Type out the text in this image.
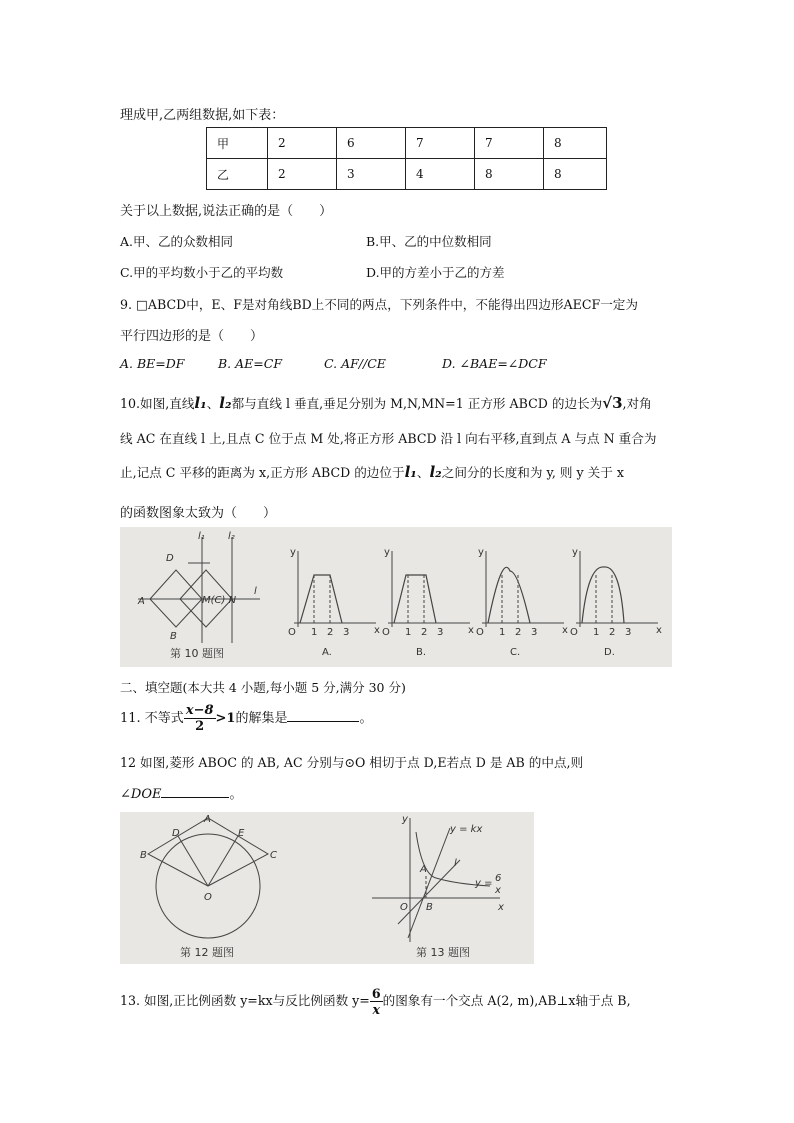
理成甲,乙两组数据,如下表：
甲	2	6	7	7	8
乙	2	3	4	8	8
关于以上数据,说法正确的是（　　）
A.甲、乙的众数相同	B.甲、乙的中位数相同
C.甲的平均数小于乙的平均数	D.甲的方差小于乙的方差
9. □ABCD中，E、F是对角线BD上不同的两点，下列条件中，不能得出四边形AECF一定为
平行四边形的是（　　）
A. BE=DF	B. AE=CF	C. AF//CE	D. ∠BAE=∠DCF
10.如图,直线l₁、l₂都与直线 l 垂直,垂足分别为 M,N,MN=1 正方形 ABCD 的边长为√3,对角
线 AC 在直线 l 上,且点 C 位于点 M 处,将正方形 ABCD 沿 l 向右平移,直到点 A 与点 N 重合为
止,记点 C 平移的距离为 x,正方形 ABCD 的边位于l₁、l₂之间分的长度和为 y, 则 y 关于 x
的函数图象太致为（　　）
D
A
B
M(C) N
l
l₁ l₂
第 10 题图
y
x
O 1 2 3
A.
y
x
O 1 2 3
B.
y
x
O 1 2 3
C.
y
x
O 1 2 3
D.
二、填空题(本大共 4 小题,每小题 5 分,满分 30 分)
11. 不等式 $\frac{x-8}{2} >1$的解集是	。
12 如图,菱形 ABOC 的 AB, AC 分别与⊙O 相切于点 D,E若点 D 是 AB 的中点,则
∠DOE	。
A
B	C
D	E
O
第 12 题图
y
x
O
y = kx
A
B
l
y = 6
x
第 13 题图
13. 如图,正比例函数 y=kx与反比例函数 $y= \frac{6}{x}$ 的图象有一个交点 A(2, m),AB⊥x轴于点 B,
